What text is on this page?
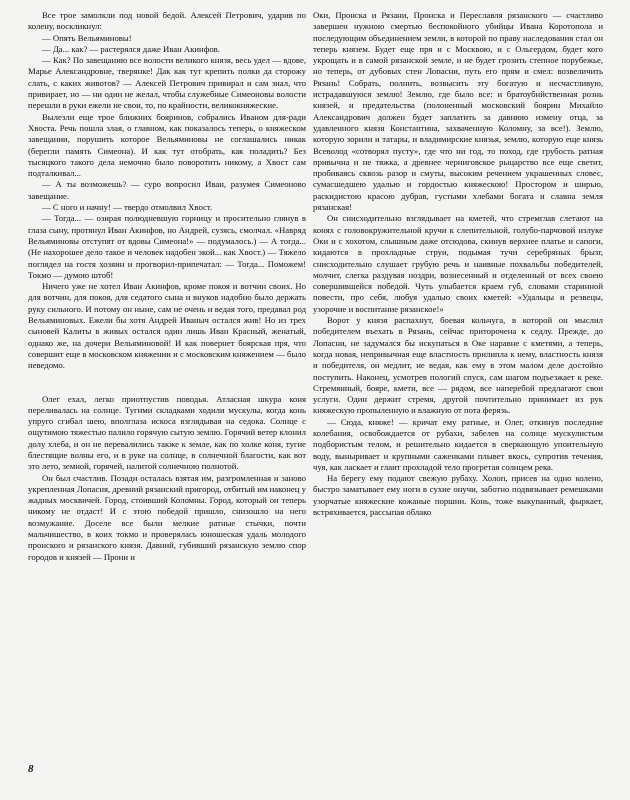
Все трое замолкли под новой бедой. Алексей Петрович, ударив по колену, воскликнул:

— Опять Вельяминовы!

— Да... как? — растерялся даже Иван Акинфов.

— Как? По завещанию все волости великого князя, весь удел — вдове, Марье Александровне, тверянке! Дак как тут крепить полки да сторожу слать, с каких животов? — Алексей Петрович привирал и сам знал, что привирает, но — ни один не желал, чтобы служебные Симеоновы волости перешли в руки ежели не свои, то, по крайности, великокняжеские.

Вылезли еще трое ближних бояринов, собрались Иваном для-ради Хвоста. Речь пошла злая, о главном, как показалось теперь, о княжеском завещании, порушить которое Вельяминовы не соглашались никак (берегли память Симеона). И как тут отобрать, как поладить? Без тысяцкого такого дела немочно было поворотить никому, а Хвост сам подталкивал...

— А ты возможешь? — суро вопросил Иван, разумея Симеоново завещание.

— С ного и начну! — твердо отмолвил Хвост.

— Тогда... — озирая полюдневшую горницу и просительно глянув в глаза сыну, протянул Иван Акинфов, но Андрей, сузясь, смолчал. «Навряд Вельяминовы отступят от вдовы Симеона!» — подумалось.) — А тогда... (Не нахорошее дело такое и человек надобен экой... как Хвост.) — Тяжело поглядел на гостя хозяин и прогворил-припечатал: — Тогда... Поможем! Токмо — думою штоб!

Ничего уже не хотел Иван Акинфов, кроме покоя и вотчин своих. Но для вотчин, для покоя, для седатого сына и внуков надобно было держать руку сильного. И потому он ныне, сам не очень и ведая того, предавал род Вельяминовых. Ежели бы хотя Андрей Иваныч остался жив! Но из трех сыновей Калиты в живых остался один лишь Иван Красный, женатый, однако же, на дочери Вельяминовой! И как повернет боярская пря, что совершит еще в московском княжении и с московским княжением — было неведомо.

Олег ехал, легко приотпустив поводья. Атласная шкура коня переливалась на солнце. Тугими складками ходили мускулы, когда конь упруго сгибал шею, вполглаза искоса взглядывая на седока. Солнце с ощутимою тяжестью палило горячую сытую землю. Горячий ветер клонил долу хлеба, и он не перевалились также к земле, как по холке коня, тугие блестящие волны его, и в руке на солнце, в солнечной благости, как вот это лето, земной, горячей, налитой солнечною полнотой.

Он был счастлив. Позади осталась взятая им, разгромленная и заново укрепленная Лопасня, древний рязанский пригород, отбитый им наконец у жадных москвичей. Город, стоивший Коломны. Город, который он теперь никому не отдаст! И с этою победой пришло, снизошло на него возмужание. Доселе все были мелкие ратные стычки, почти мальчишество, в коих токмо и проверялась юношеская удаль молодого пронского и рязанского князя. Давний, губивший рязанскую землю спор городов и князей — Прони и

Оки, Пронска и Рязани, Пронска и Переславля рязанского — счастливо завершен нужною смертью беспокойного убийцы Ивана Коротопола и последующим объединением земли, в которой по праву наследования стал он теперь князем. Будет еще пря и с Москвою, и с Ольгердом, будет кого укрощать и в самой рязанской земле, и не будет грозить степное порубежье, но теперь, от дубовых стен Лопасни, путь его прям и смел: возвеличить Рязань! Собрать, полнить, возвысить эту богатую и несчастливую, истрадавшуюся землю! Землю, где было все: и братоубийственная рознь князей, и предательства (полоненный московский боярин Михайло Александрович должен будет заплатить за давнюю измену отца, за удавленного князя Константина, захваченную Коломну, за все!). Землю, которую зорили и татары, и владимирские князья, землю, которую еще князь Всеволод «сотворял пусту», где что ни год, то поход, где грубость ратная привычна и не тяжка, а древнее черниговское рыцарство все еще светит, пробиваясь сквозь разор и смуты, высоким речением украшенных словес, сумасшедшею удалью и гордостью княжескою! Простором и ширью, раскидистою красою дубрав, густыми хлебами богата и славна земля рязанская!

Он снисходительно взглядывает на кметей, что стремглав слетают на конях с головокружительной кручи к слепительной, голубо-парчовой излуке Оки и с хохотом, слышным даже отсюдова, скинув верхнее платье и сапоги, кидаются в прохладные струи, подымая тучи серебряных брызг, снисходительно слушает грубую речь и наивные похвальбы победителей, молчит, слегка раздувая ноздри, вознесенный и отделенный от всех своею совершившейся победой. Чуть улыбается краем губ, словами старинной повести, про себя, любуя удалью своих кметей: «Удальцы и резвецы, узорочие и воспитание рязанское!»

Ворот у князя распахнут, боевая кольчуга, в которой он мыслил победителем въехать в Рязань, сейчас приторочена к седлу. Прежде, до Лопасни, не задумался бы искупаться в Оке наравне с кметями, а теперь, когда новая, непривычная еще властность прилипла к нему, властность князя и победителя, он медлит, не ведая, как ему в этом малом деле достойно поступить. Наконец, усмотрев пологий спуск, сам шагом подъезжает к реке. Стремянный, бояре, кмети, все — рядом, все наперебой предлагают свои услуги. Один держит стремя, другой почтительно принимает из рук княжескую пропыленную и влажную от пота ферязь.

— Сюда, княже! — кричат ему ратные, и Олег, откинув последние колебания, освобождается от рубахи, забелев на солнце мускулистым подбористым телом, и решительно кидается в сверкающую упоительную воду, выныривает и крупными саженками плывет вкось, супротив течения, чуя, как ласкает и глаит прохладой тело прогретая солнцем река.

На берегу ему подают свежую рубаху. Холоп, присев на одно колено, быстро заматывает ему ноги в сухие онучи, заботно подвязывает ремешками узорчатые княжеские кожаные поршни. Конь, тоже выкупанный, фыркает, встряхивается, рассыпая облако

8
